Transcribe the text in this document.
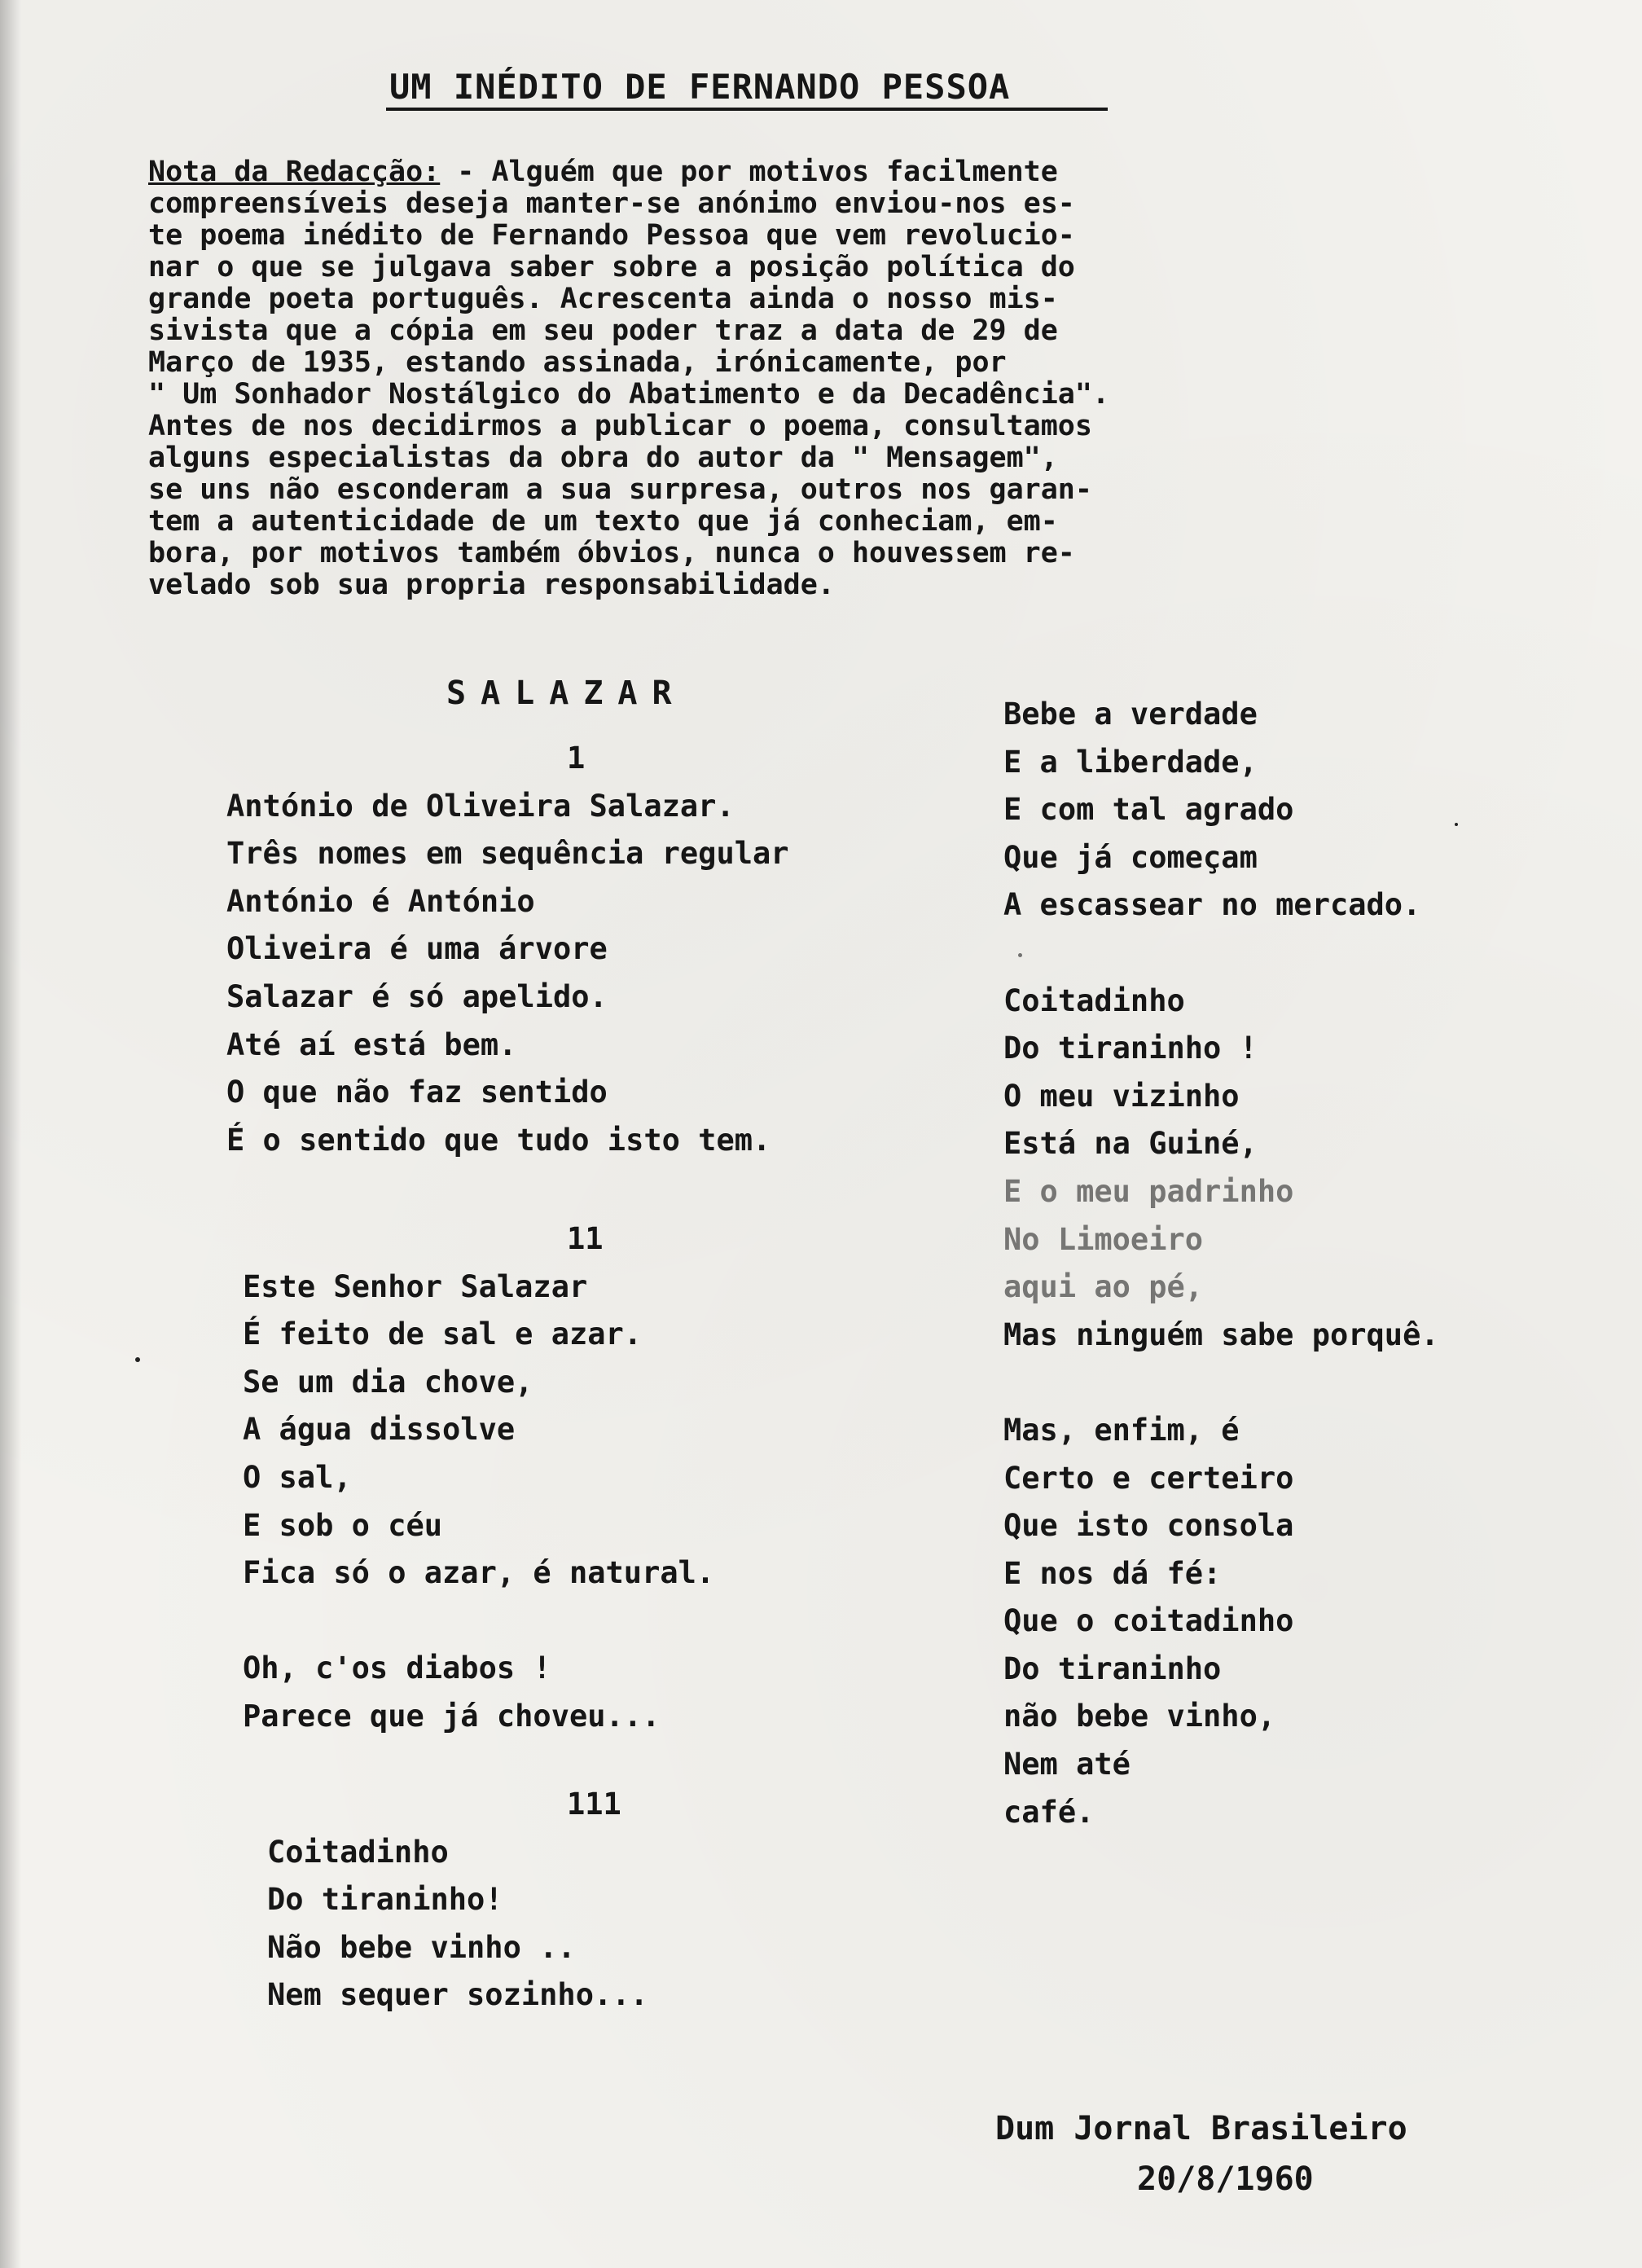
UM INÉDITO DE FERNANDO PESSOA
Nota da Redacção: - Alguém que por motivos facilmente
compreensíveis deseja manter-se anónimo enviou-nos es-
te poema inédito de Fernando Pessoa que vem revolucio-
nar o que se julgava saber sobre a posição política do
grande poeta português. Acrescenta ainda o nosso mis-
sivista que a cópia em seu poder traz a data de 29 de
Março de 1935, estando assinada, irónicamente, por
" Um Sonhador Nostálgico do Abatimento e da Decadência".
Antes de nos decidirmos a publicar o poema, consultamos
alguns especialistas da obra do autor da " Mensagem",
se uns não esconderam a sua surpresa, outros nos garan-
tem a autenticidade de um texto que já conheciam, em-
bora, por motivos também óbvios, nunca o houvessem re-
velado sob sua propria responsabilidade.
SALAZAR
1
António de Oliveira Salazar.
Três nomes em sequência regular
António é António
Oliveira é uma árvore
Salazar é só apelido.
Até aí está bem.
O que não faz sentido
É o sentido que tudo isto tem.
11
Este Senhor Salazar
É feito de sal e azar.
Se um dia chove,
A água dissolve
O sal,
E sob o céu
Fica só o azar, é natural.
Oh, c'os diabos !
Parece que já choveu...
111
Coitadinho
Do tiraninho!
Não bebe vinho ..
Nem sequer sozinho...
Bebe a verdade
E a liberdade,
E com tal agrado
Que já começam
A escassear no mercado.
Coitadinho
Do tiraninho !
O meu vizinho
Está na Guiné,
E o meu padrinho
No Limoeiro
aqui ao pé,
Mas ninguém sabe porquê.
Mas, enfim, é
Certo e certeiro
Que isto consola
E nos dá fé:
Que o coitadinho
Do tiraninho
não bebe vinho,
Nem até
café.
Dum Jornal Brasileiro
20/8/1960
